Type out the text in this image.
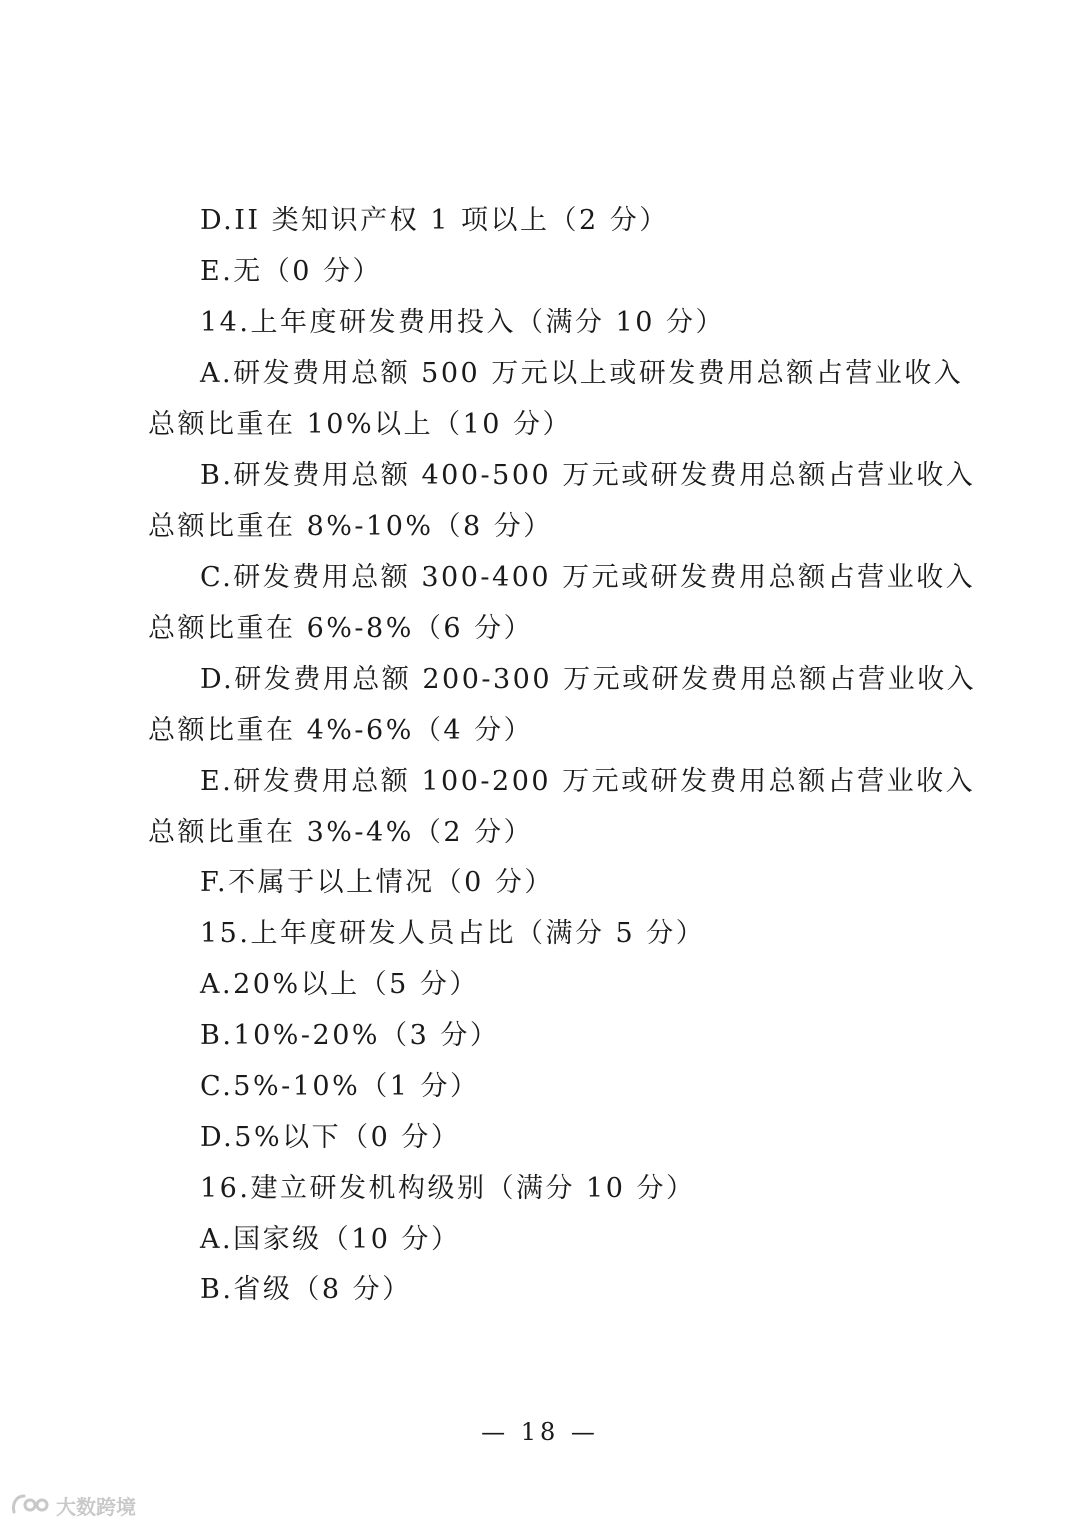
D.II 类知识产权 1 项以上（2 分）
E.无（0 分）
14.上年度研发费用投入（满分 10 分）
A.研发费用总额 500 万元以上或研发费用总额占营业收入
总额比重在 10%以上（10 分）
B.研发费用总额 400-500 万元或研发费用总额占营业收入
总额比重在 8%-10%（8 分）
C.研发费用总额 300-400 万元或研发费用总额占营业收入
总额比重在 6%-8%（6 分）
D.研发费用总额 200-300 万元或研发费用总额占营业收入
总额比重在 4%-6%（4 分）
E.研发费用总额 100-200 万元或研发费用总额占营业收入
总额比重在 3%-4%（2 分）
F.不属于以上情况（0 分）
15.上年度研发人员占比（满分 5 分）
A.20%以上（5 分）
B.10%-20%（3 分）
C.5%-10%（1 分）
D.5%以下（0 分）
16.建立研发机构级别（满分 10 分）
A.国家级（10 分）
B.省级（8 分）
— 18 —
大数跨境
